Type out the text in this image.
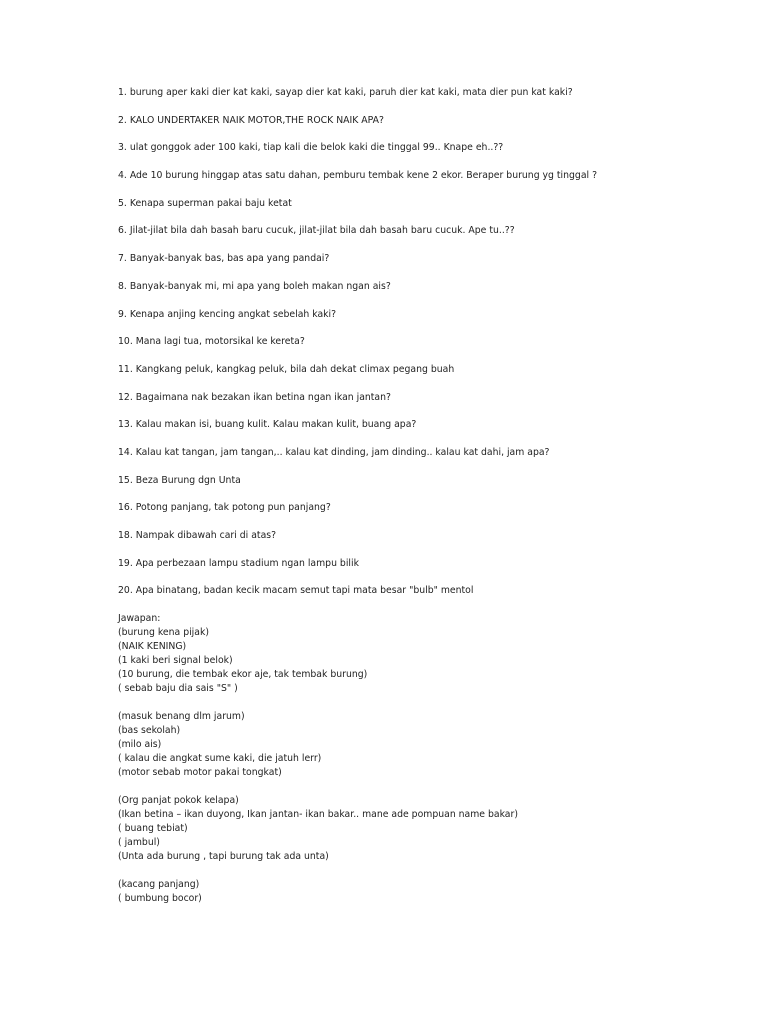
1. burung aper kaki dier kat kaki, sayap dier kat kaki, paruh dier kat kaki, mata dier pun kat kaki?
2. KALO UNDERTAKER NAIK MOTOR,THE ROCK NAIK APA?
3. ulat gonggok ader 100 kaki, tiap kali die belok kaki die tinggal 99.. Knape eh..??
4. Ade 10 burung hinggap atas satu dahan, pemburu tembak kene 2 ekor. Beraper burung yg tinggal ?
5. Kenapa superman pakai baju ketat
6. Jilat-jilat bila dah basah baru cucuk, jilat-jilat bila dah basah baru cucuk. Ape tu..??
7. Banyak-banyak bas, bas apa yang pandai?
8. Banyak-banyak mi, mi apa yang boleh makan ngan ais?
9. Kenapa anjing kencing angkat sebelah kaki?
10. Mana lagi tua, motorsikal ke kereta?
11. Kangkang peluk, kangkag peluk, bila dah dekat climax pegang buah
12. Bagaimana nak bezakan ikan betina ngan ikan jantan?
13. Kalau makan isi, buang kulit. Kalau makan kulit, buang apa?
14. Kalau kat tangan, jam tangan,.. kalau kat dinding, jam dinding.. kalau kat dahi, jam apa?
15. Beza Burung dgn Unta
16. Potong panjang, tak potong pun panjang?
18. Nampak dibawah cari di atas?
19. Apa perbezaan lampu stadium ngan lampu bilik
20. Apa binatang, badan kecik macam semut tapi mata besar "bulb" mentol
Jawapan:
(burung kena pijak)
(NAIK KENING)
(1 kaki beri signal belok)
(10 burung, die tembak ekor aje, tak tembak burung)
( sebab baju dia sais "S" )
(masuk benang dlm jarum)
(bas sekolah)
(milo ais)
( kalau die angkat sume kaki, die jatuh lerr)
(motor sebab motor pakai tongkat)
(Org panjat pokok kelapa)
(Ikan betina – ikan duyong, Ikan jantan- ikan bakar.. mane ade pompuan name bakar)
( buang tebiat)
( jambul)
(Unta ada burung , tapi burung tak ada unta)
(kacang panjang)
( bumbung bocor)
